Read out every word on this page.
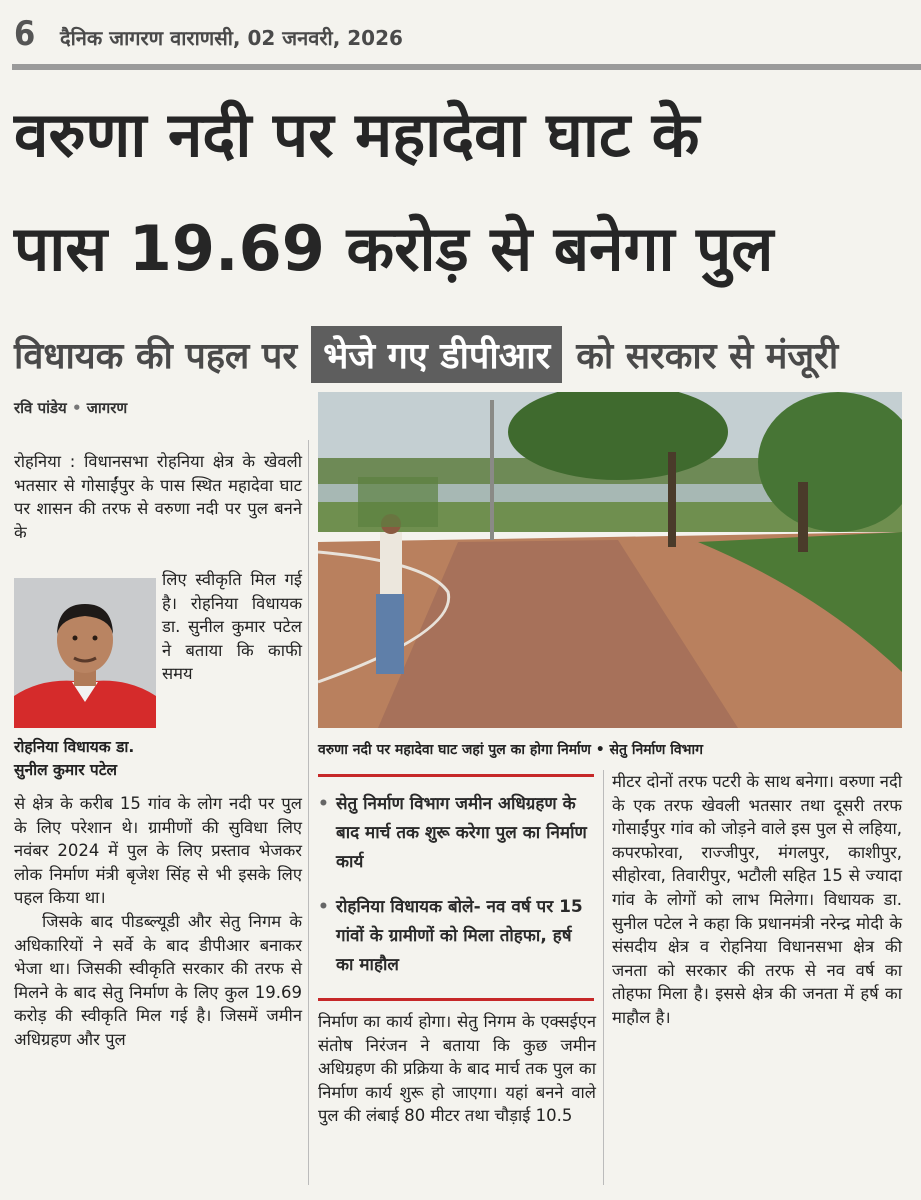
6 दैनिक जागरण वाराणसी, 02 जनवरी, 2026
वरुणा नदी पर महादेवा घाट के
पास 19.69 करोड़ से बनेगा पुल
विधायक की पहल पर भेजे गए डीपीआर को सरकार से मंजूरी
रवि पांडेय • जागरण

रोहनिया : विधानसभा रोहनिया क्षेत्र के खेवली भतसार से गोसाईंपुर के पास स्थित महादेवा घाट पर शासन की तरफ से वरुणा नदी पर पुल बनने के

लिए स्वीकृति मिल गई है। रोहनिया विधायक डा. सुनील कुमार पटेल ने बताया कि काफी समय

रोहनिया विधायक डा. सुनील कुमार पटेल

से क्षेत्र के करीब 15 गांव के लोग नदी पर पुल के लिए परेशान थे। ग्रामीणों की सुविधा लिए नवंबर 2024 में पुल के लिए प्रस्ताव भेजकर लोक निर्माण मंत्री बृजेश सिंह से भी इसके लिए पहल किया था।

जिसके बाद पीडब्ल्यूडी और सेतु निगम के अधिकारियों ने सर्वे के बाद डीपीआर बनाकर भेजा था। जिसकी स्वीकृति सरकार की तरफ से मिलने के बाद सेतु निर्माण के लिए कुल 19.69 करोड़ की स्वीकृति मिल गई है। जिसमें जमीन अधिग्रहण और पुल

वरुणा नदी पर महादेवा घाट जहां पुल का होगा निर्माण • सेतु निर्माण विभाग
• सेतु निर्माण विभाग जमीन अधिग्रहण के बाद मार्च तक शुरू करेगा पुल का निर्माण कार्य
• रोहनिया विधायक बोले- नव वर्ष पर 15 गांवों के ग्रामीणों को मिला तोहफा, हर्ष का माहौल

निर्माण का कार्य होगा। सेतु निगम के एक्सईएन संतोष निरंजन ने बताया कि कुछ जमीन अधिग्रहण की प्रक्रिया के बाद मार्च तक पुल का निर्माण कार्य शुरू हो जाएगा। यहां बनने वाले पुल की लंबाई 80 मीटर तथा चौड़ाई 10.5

मीटर दोनों तरफ पटरी के साथ बनेगा। वरुणा नदी के एक तरफ खेवली भतसार तथा दूसरी तरफ गोसाईंपुर गांव को जोड़ने वाले इस पुल से लहिया, कपरफोरवा, राज्जीपुर, मंगलपुर, काशीपुर, सीहोरवा, तिवारीपुर, भटौली सहित 15 से ज्यादा गांव के लोगों को लाभ मिलेगा। विधायक डा. सुनील पटेल ने कहा कि प्रधानमंत्री नरेन्द्र मोदी के संसदीय क्षेत्र व रोहनिया विधानसभा क्षेत्र की जनता को सरकार की तरफ से नव वर्ष का तोहफा मिला है। इससे क्षेत्र की जनता में हर्ष का माहौल है।
